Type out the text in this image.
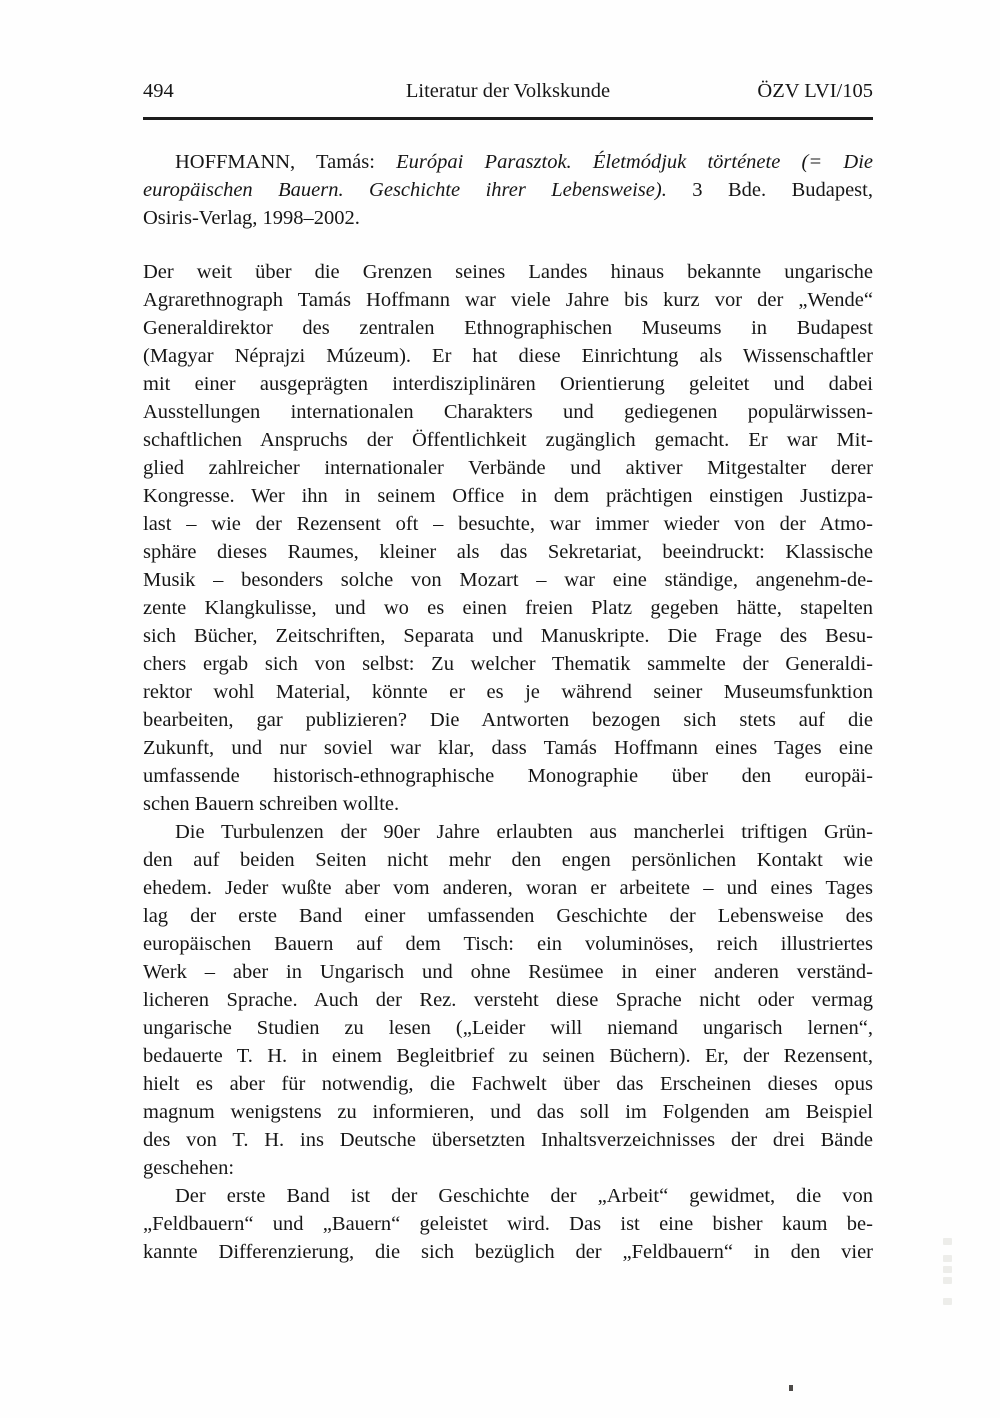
494	Literatur der Volkskunde	ÖZV LVI/105
HOFFMANN, Tamás: Európai Parasztok. Életmódjuk története (= Die
europäischen Bauern. Geschichte ihrer Lebensweise). 3 Bde. Budapest,
Osiris-Verlag, 1998–2002.
Der weit über die Grenzen seines Landes hinaus bekannte ungarische
Agrarethnograph Tamás Hoffmann war viele Jahre bis kurz vor der „Wende“
Generaldirektor des zentralen Ethnographischen Museums in Budapest
(Magyar Néprajzi Múzeum). Er hat diese Einrichtung als Wissenschaftler
mit einer ausgeprägten interdisziplinären Orientierung geleitet und dabei
Ausstellungen internationalen Charakters und gediegenen populärwissen-
schaftlichen Anspruchs der Öffentlichkeit zugänglich gemacht. Er war Mit-
glied zahlreicher internationaler Verbände und aktiver Mitgestalter derer
Kongresse. Wer ihn in seinem Office in dem prächtigen einstigen Justizpa-
last – wie der Rezensent oft – besuchte, war immer wieder von der Atmo-
sphäre dieses Raumes, kleiner als das Sekretariat, beeindruckt: Klassische
Musik – besonders solche von Mozart – war eine ständige, angenehm-de-
zente Klangkulisse, und wo es einen freien Platz gegeben hätte, stapelten
sich Bücher, Zeitschriften, Separata und Manuskripte. Die Frage des Besu-
chers ergab sich von selbst: Zu welcher Thematik sammelte der Generaldi-
rektor wohl Material, könnte er es je während seiner Museumsfunktion
bearbeiten, gar publizieren? Die Antworten bezogen sich stets auf die
Zukunft, und nur soviel war klar, dass Tamás Hoffmann eines Tages eine
umfassende historisch-ethnographische Monographie über den europäi-
schen Bauern schreiben wollte.
Die Turbulenzen der 90er Jahre erlaubten aus mancherlei triftigen Grün-
den auf beiden Seiten nicht mehr den engen persönlichen Kontakt wie
ehedem. Jeder wußte aber vom anderen, woran er arbeitete – und eines Tages
lag der erste Band einer umfassenden Geschichte der Lebensweise des
europäischen Bauern auf dem Tisch: ein voluminöses, reich illustriertes
Werk – aber in Ungarisch und ohne Resümee in einer anderen verständ-
licheren Sprache. Auch der Rez. versteht diese Sprache nicht oder vermag
ungarische Studien zu lesen („Leider will niemand ungarisch lernen“,
bedauerte T. H. in einem Begleitbrief zu seinen Büchern). Er, der Rezensent,
hielt es aber für notwendig, die Fachwelt über das Erscheinen dieses opus
magnum wenigstens zu informieren, und das soll im Folgenden am Beispiel
des von T. H. ins Deutsche übersetzten Inhaltsverzeichnisses der drei Bände
geschehen:
Der erste Band ist der Geschichte der „Arbeit“ gewidmet, die von
„Feldbauern“ und „Bauern“ geleistet wird. Das ist eine bisher kaum be-
kannte Differenzierung, die sich bezüglich der „Feldbauern“ in den vier
